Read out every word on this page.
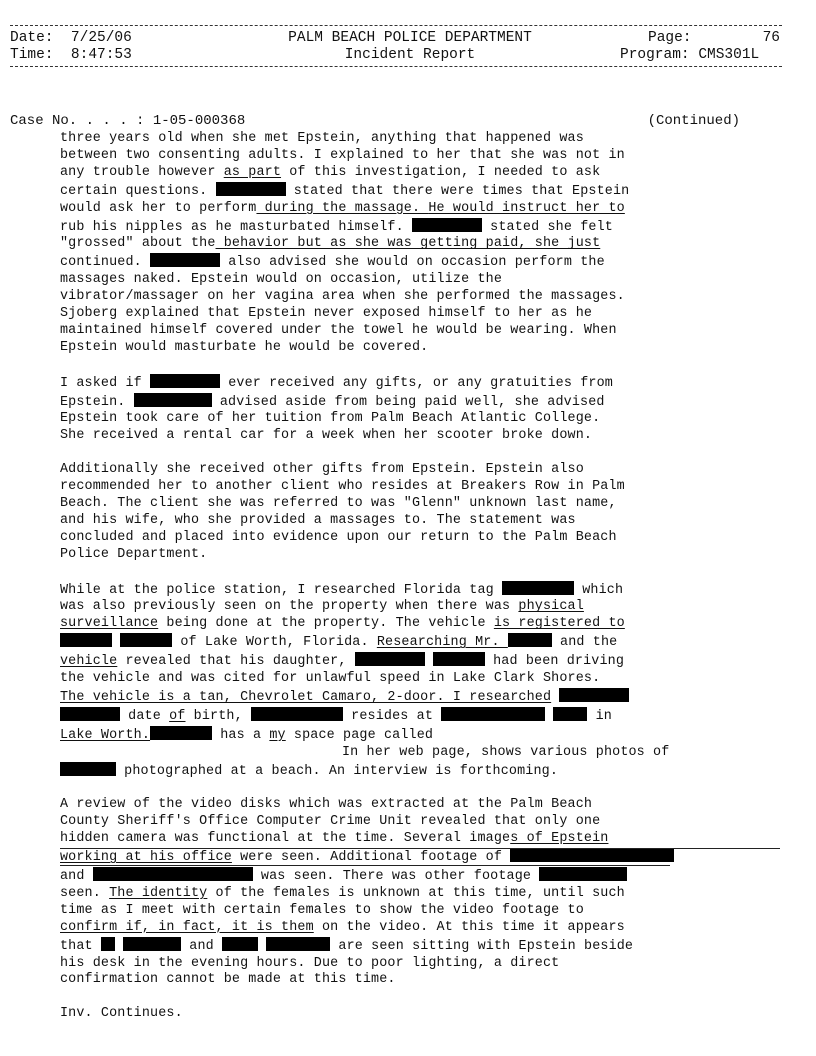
Date: 7/25/06
Time: 8:47:53
PALM BEACH POLICE DEPARTMENT
Incident Report
Page:	76
Program: CMS301L
Case No. . . . : 1-05-000368	(Continued)

three years old when she met Epstein, anything that happened was
between two consenting adults. I explained to her that she was not in
any trouble however as part of this investigation, I needed to ask
certain questions.	stated that there were times that Epstein
would ask her to perform during the massage. He would instruct her to
rub his nipples as he masturbated himself.	stated she felt
"grossed" about the behavior but as she was getting paid, she just
continued.	also advised she would on occasion perform the
massages naked. Epstein would on occasion, utilize the
vibrator/massager on her vagina area when she performed the massages.
Sjoberg explained that Epstein never exposed himself to her as he
maintained himself covered under the towel he would be wearing. When
Epstein would masturbate he would be covered.

I asked if	ever received any gifts, or any gratuities from
Epstein.	advised aside from being paid well, she advised
Epstein took care of her tuition from Palm Beach Atlantic College.
She received a rental car for a week when her scooter broke down.

Additionally she received other gifts from Epstein. Epstein also
recommended her to another client who resides at Breakers Row in Palm
Beach. The client she was referred to was "Glenn" unknown last name,
and his wife, who she provided a massages to. The statement was
concluded and placed into evidence upon our return to the Palm Beach
Police Department.

While at the police station, I researched Florida tag	which
was also previously seen on the property when there was physical
surveillance being done at the property. The vehicle is registered to
of Lake Worth, Florida. Researching Mr.	and the
vehicle revealed that his daughter,	had been driving
the vehicle and was cited for unlawful speed in Lake Clark Shores.
The vehicle is a tan, Chevrolet Camaro, 2-door. I researched
date of birth,	resides at	in
Lake Worth.	has a my space page called
In her web page, shows various photos of
photographed at a beach. An interview is forthcoming.

A review of the video disks which was extracted at the Palm Beach
County Sheriff's Office Computer Crime Unit revealed that only one
hidden camera was functional at the time. Several images of Epstein
working at his office were seen. Additional footage of
and	was seen. There was other footage
seen. The identity of the females is unknown at this time, until such
time as I meet with certain females to show the video footage to
confirm if, in fact, it is them on the video. At this time it appears
that	and	are seen sitting with Epstein beside
his desk in the evening hours. Due to poor lighting, a direct
confirmation cannot be made at this time.

Inv. Continues.
